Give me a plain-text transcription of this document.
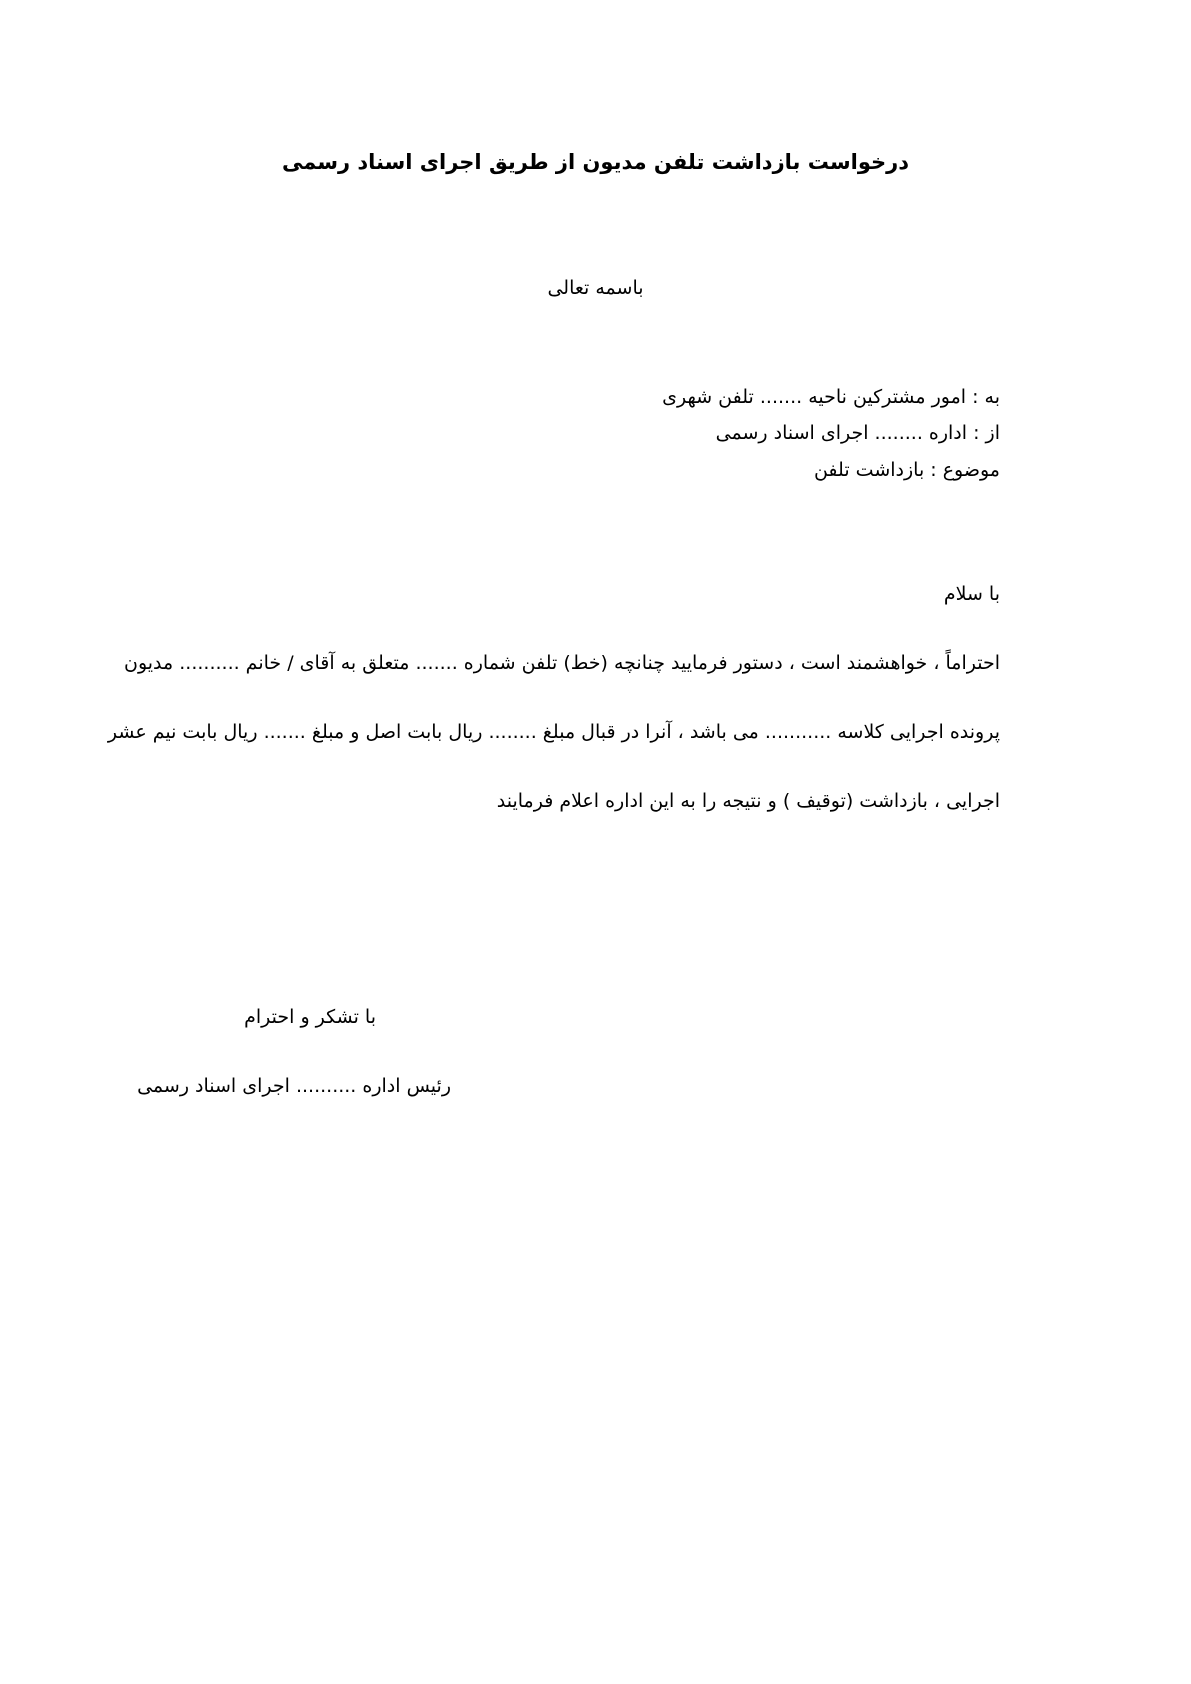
درخواست بازداشت تلفن مدیون از طریق اجرای اسناد رسمی
باسمه تعالی
به : امور مشترکین ناحیه ....... تلفن شهری
از : اداره ........ اجرای اسناد رسمی
موضوع : بازداشت تلفن
با سلام
احتراماً ، خواهشمند است ، دستور فرمایید چنانچه (خط) تلفن شماره ....... متعلق به آقای / خانم .......... مدیون
پرونده اجرایی کلاسه ........... می باشد ، آنرا در قبال مبلغ ........ ریال بابت اصل و مبلغ ....... ریال بابت نیم عشر
اجرایی ، بازداشت (توقیف ) و نتیجه را به این اداره اعلام فرمایند
با تشکر و احترام
رئیس اداره .......... اجرای اسناد رسمی
